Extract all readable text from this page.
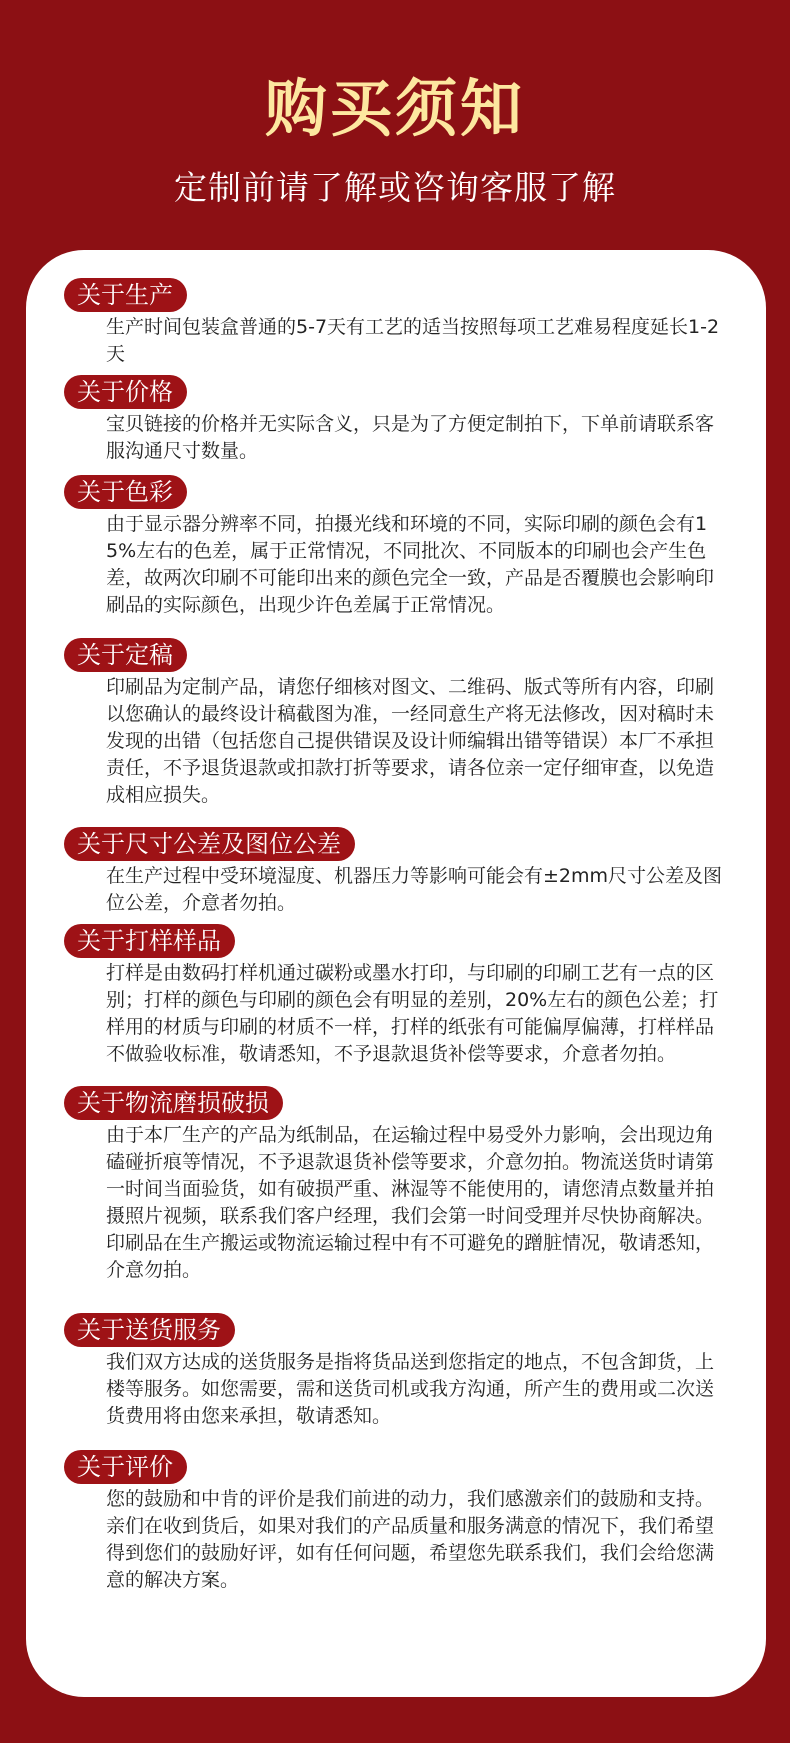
购买须知
定制前请了解或咨询客服了解
关于生产
生产时间包装盒普通的5-7天有工艺的适当按照每项工艺难易程度延长1-2天
关于价格
宝贝链接的价格并无实际含义，只是为了方便定制拍下，下单前请联系客服沟通尺寸数量。
关于色彩
由于显示器分辨率不同，拍摄光线和环境的不同，实际印刷的颜色会有15%左右的色差，属于正常情况，不同批次、不同版本的印刷也会产生色差，故两次印刷不可能印出来的颜色完全一致，产品是否覆膜也会影响印刷品的实际颜色，出现少许色差属于正常情况。
关于定稿
印刷品为定制产品，请您仔细核对图文、二维码、版式等所有内容，印刷以您确认的最终设计稿截图为准，一经同意生产将无法修改，因对稿时未发现的出错（包括您自己提供错误及设计师编辑出错等错误）本厂不承担责任，不予退货退款或扣款打折等要求，请各位亲一定仔细审查，以免造成相应损失。
关于尺寸公差及图位公差
在生产过程中受环境湿度、机器压力等影响可能会有±2mm尺寸公差及图位公差，介意者勿拍。
关于打样样品
打样是由数码打样机通过碳粉或墨水打印，与印刷的印刷工艺有一点的区别；打样的颜色与印刷的颜色会有明显的差别，20%左右的颜色公差；打样用的材质与印刷的材质不一样，打样的纸张有可能偏厚偏薄，打样样品不做验收标准，敬请悉知，不予退款退货补偿等要求，介意者勿拍。
关于物流磨损破损
由于本厂生产的产品为纸制品，在运输过程中易受外力影响，会出现边角磕碰折痕等情况，不予退款退货补偿等要求，介意勿拍。物流送货时请第一时间当面验货，如有破损严重、淋湿等不能使用的，请您清点数量并拍摄照片视频，联系我们客户经理，我们会第一时间受理并尽快协商解决。印刷品在生产搬运或物流运输过程中有不可避免的蹭脏情况，敬请悉知，介意勿拍。
关于送货服务
我们双方达成的送货服务是指将货品送到您指定的地点，不包含卸货，上楼等服务。如您需要，需和送货司机或我方沟通，所产生的费用或二次送货费用将由您来承担，敬请悉知。
关于评价
您的鼓励和中肯的评价是我们前进的动力，我们感激亲们的鼓励和支持。亲们在收到货后，如果对我们的产品质量和服务满意的情况下，我们希望得到您们的鼓励好评，如有任何问题，希望您先联系我们，我们会给您满意的解决方案。
